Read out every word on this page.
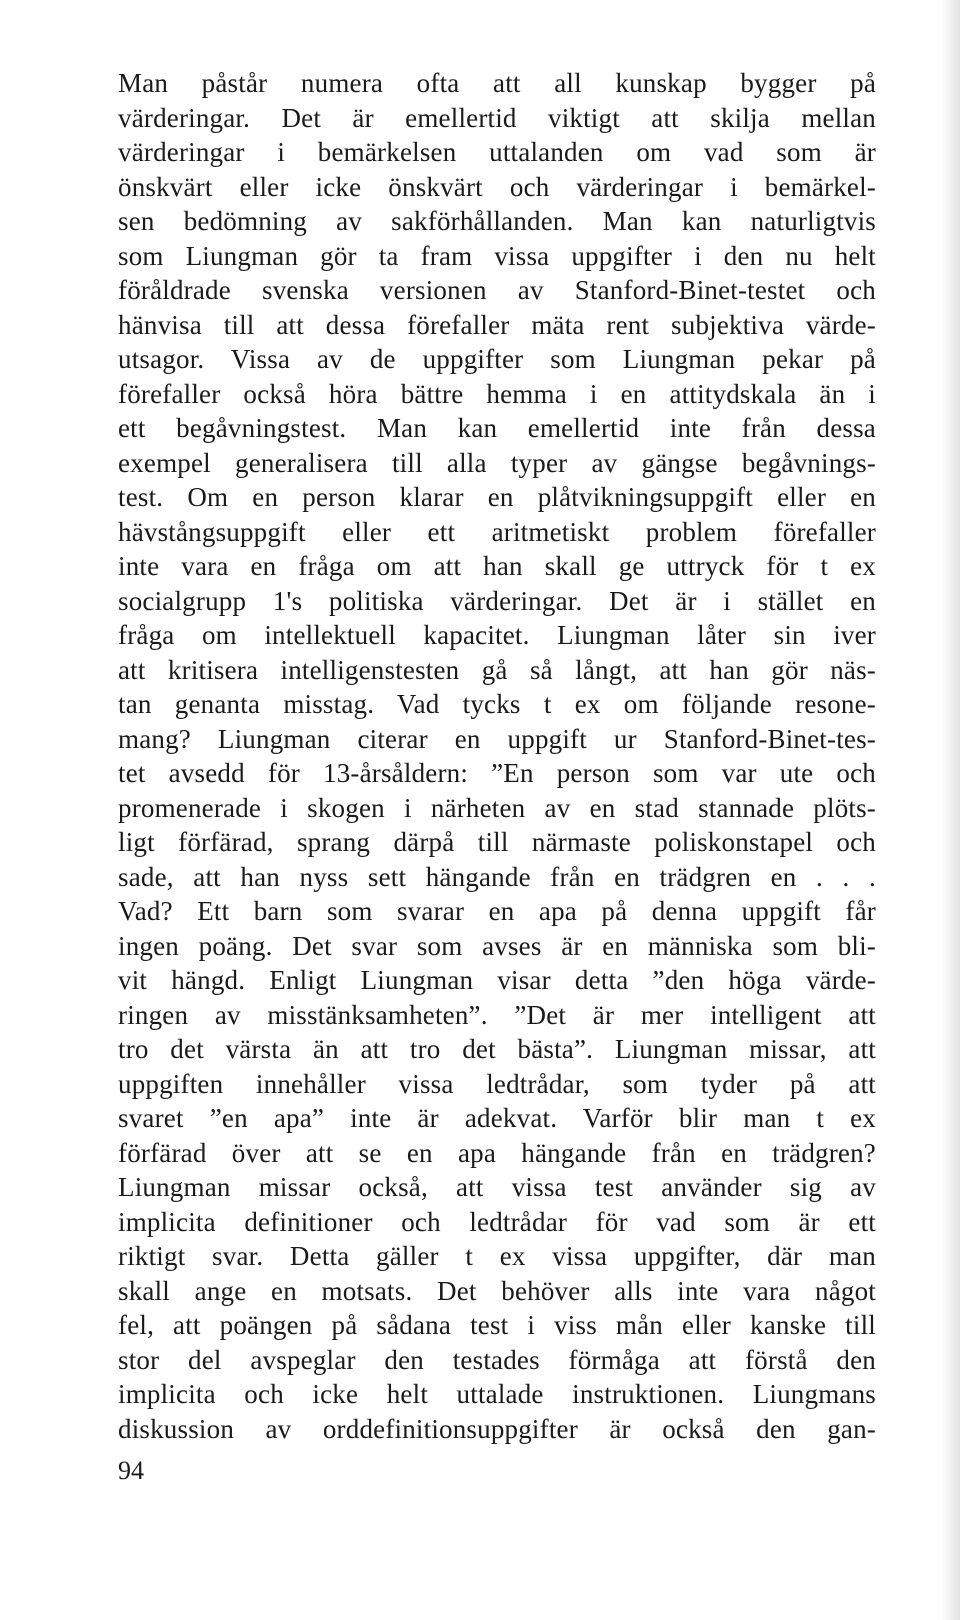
Man påstår numera ofta att all kunskap bygger på
värderingar. Det är emellertid viktigt att skilja mellan
värderingar i bemärkelsen uttalanden om vad som är
önskvärt eller icke önskvärt och värderingar i bemärkel-
sen bedömning av sakförhållanden. Man kan naturligtvis
som Liungman gör ta fram vissa uppgifter i den nu helt
föråldrade svenska versionen av Stanford-Binet-testet och
hänvisa till att dessa förefaller mäta rent subjektiva värde-
utsagor. Vissa av de uppgifter som Liungman pekar på
förefaller också höra bättre hemma i en attitydskala än i
ett begåvningstest. Man kan emellertid inte från dessa
exempel generalisera till alla typer av gängse begåvnings-
test. Om en person klarar en plåtvikningsuppgift eller en
hävstångsuppgift eller ett aritmetiskt problem förefaller
inte vara en fråga om att han skall ge uttryck för t ex
socialgrupp 1's politiska värderingar. Det är i stället en
fråga om intellektuell kapacitet. Liungman låter sin iver
att kritisera intelligenstesten gå så långt, att han gör näs-
tan genanta misstag. Vad tycks t ex om följande resone-
mang? Liungman citerar en uppgift ur Stanford-Binet-tes-
tet avsedd för 13-årsåldern: ”En person som var ute och
promenerade i skogen i närheten av en stad stannade plöts-
ligt förfärad, sprang därpå till närmaste poliskonstapel och
sade, att han nyss sett hängande från en trädgren en . . .
Vad? Ett barn som svarar en apa på denna uppgift får
ingen poäng. Det svar som avses är en människa som bli-
vit hängd. Enligt Liungman visar detta ”den höga värde-
ringen av misstänksamheten”. ”Det är mer intelligent att
tro det värsta än att tro det bästa”. Liungman missar, att
uppgiften innehåller vissa ledtrådar, som tyder på att
svaret ”en apa” inte är adekvat. Varför blir man t ex
förfärad över att se en apa hängande från en trädgren?
Liungman missar också, att vissa test använder sig av
implicita definitioner och ledtrådar för vad som är ett
riktigt svar. Detta gäller t ex vissa uppgifter, där man
skall ange en motsats. Det behöver alls inte vara något
fel, att poängen på sådana test i viss mån eller kanske till
stor del avspeglar den testades förmåga att förstå den
implicita och icke helt uttalade instruktionen. Liungmans
diskussion av orddefinitionsuppgifter är också den gan-
94
